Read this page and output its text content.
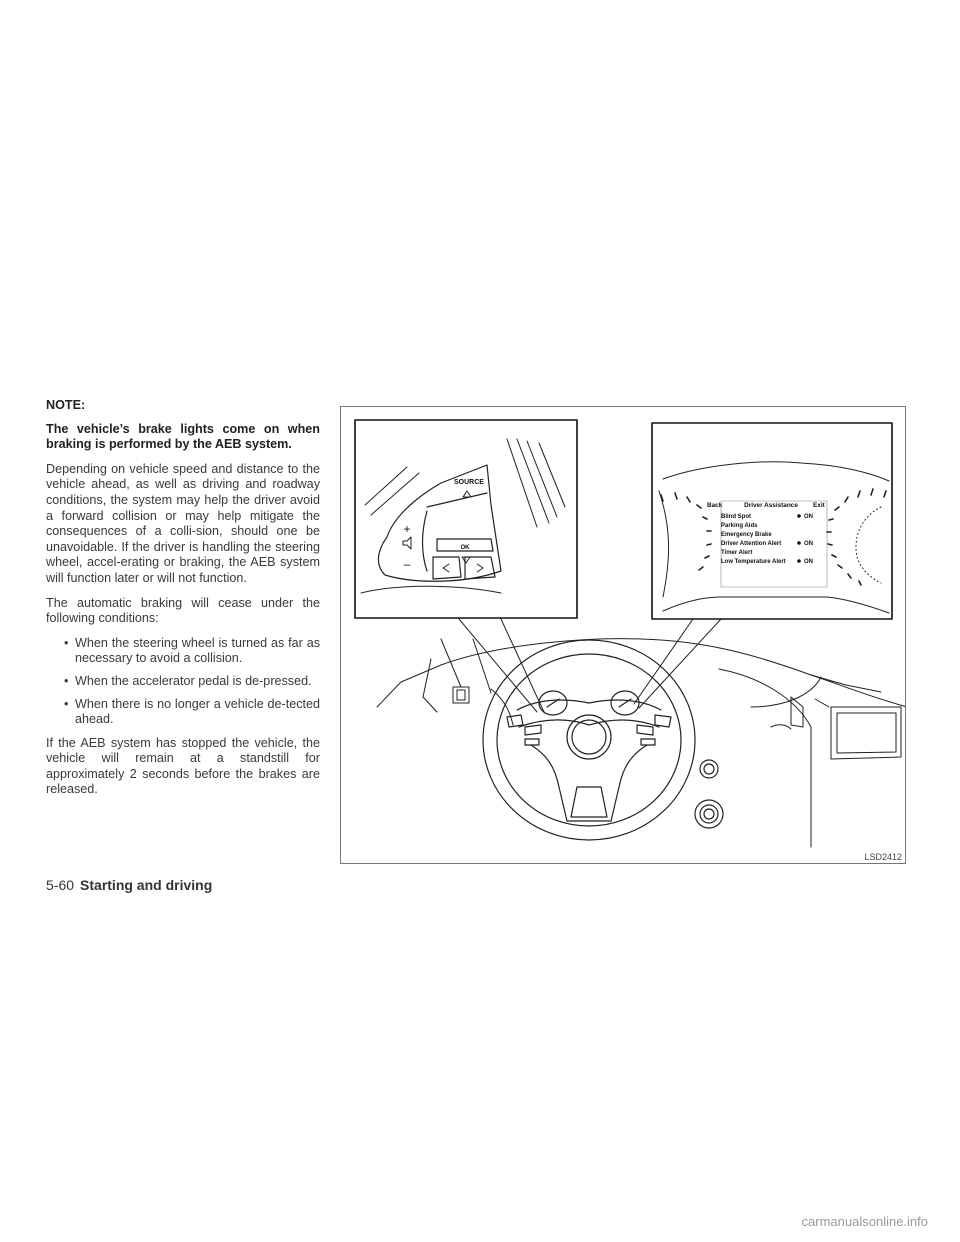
NOTE:

The vehicle’s brake lights come on when braking is performed by the AEB system.

Depending on vehicle speed and distance to the vehicle ahead, as well as driving and roadway conditions, the system may help the driver avoid a forward collision or may help mitigate the consequences of a colli-sion, should one be unavoidable. If the driver is handling the steering wheel, accel-erating or braking, the AEB system will function later or will not function.

The automatic braking will cease under the following conditions:

• When the steering wheel is turned as far as necessary to avoid a collision.
• When the accelerator pedal is de-pressed.
• When there is no longer a vehicle de-tected ahead.

If the AEB system has stopped the vehicle, the vehicle will remain at a standstill for approximately 2 seconds before the brakes are released.

SOURCE
OK
+
–
Back	Driver Assistance Exit
Blind Spot
Parking Aids
Emergency Brake
Driver Attention Alert
Timer Alert
Low Temperature Alert
ON
ON
ON
LSD2412
5-60 Starting and driving
carmanualsonline.info
